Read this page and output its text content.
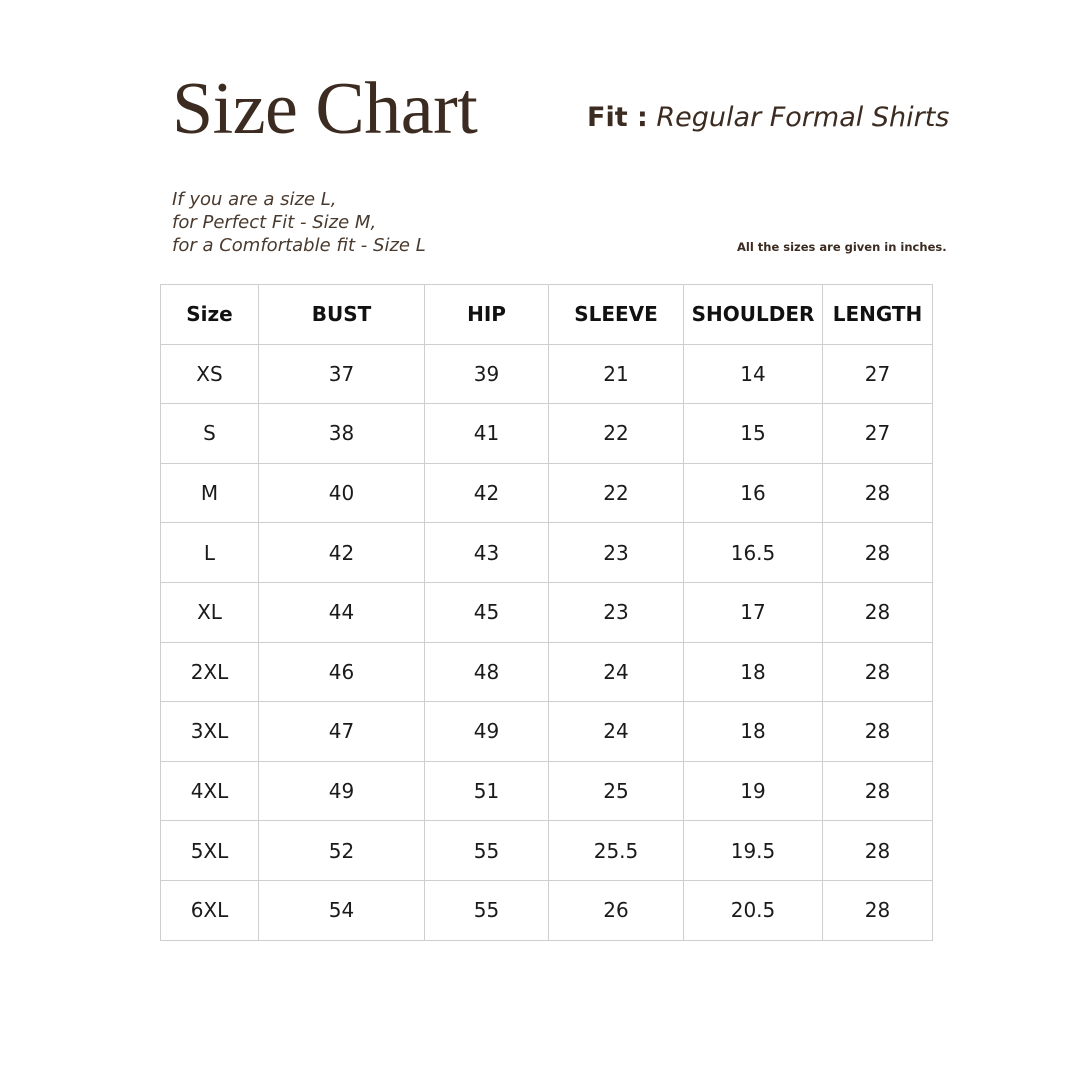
Size Chart	Fit : Regular Formal Shirts
If you are a size L,
for Perfect Fit - Size M,
for a Comfortable fit - Size L	All the sizes are given in inches.
Size	BUST	HIP	SLEEVE	SHOULDER	LENGTH
XS	37	39	21	14	27
S	38	41	22	15	27
M	40	42	22	16	28
L	42	43	23	16.5	28
XL	44	45	23	17	28
2XL	46	48	24	18	28
3XL	47	49	24	18	28
4XL	49	51	25	19	28
5XL	52	55	25.5	19.5	28
6XL	54	55	26	20.5	28
